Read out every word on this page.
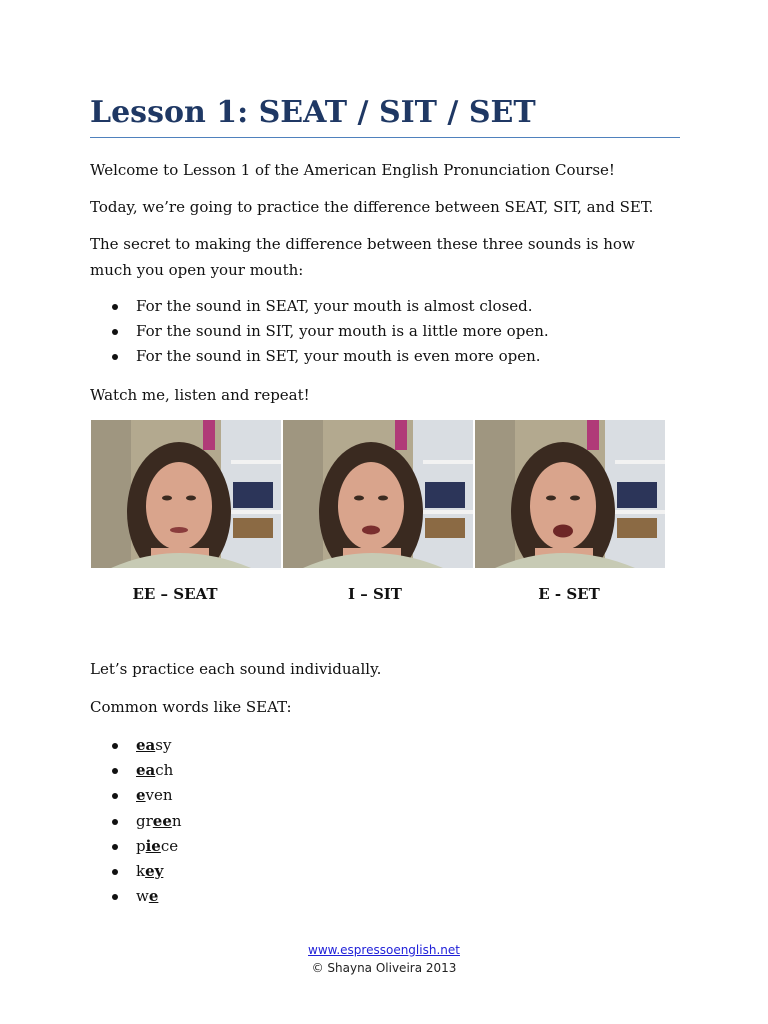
Lesson 1: SEAT / SIT / SET

Welcome to Lesson 1 of the American English Pronunciation Course!

Today, we’re going to practice the difference between SEAT, SIT, and SET.

The secret to making the difference between these three sounds is how much you open your mouth:

For the sound in SEAT, your mouth is almost closed.
For the sound in SIT, your mouth is a little more open.
For the sound in SET, your mouth is even more open.

Watch me, listen and repeat!

EE – SEAT	I – SIT	E - SET

Let’s practice each sound individually.

Common words like SEAT:

easy
each
even
green
piece
key
we
www.espressoenglish.net
© Shayna Oliveira 2013
